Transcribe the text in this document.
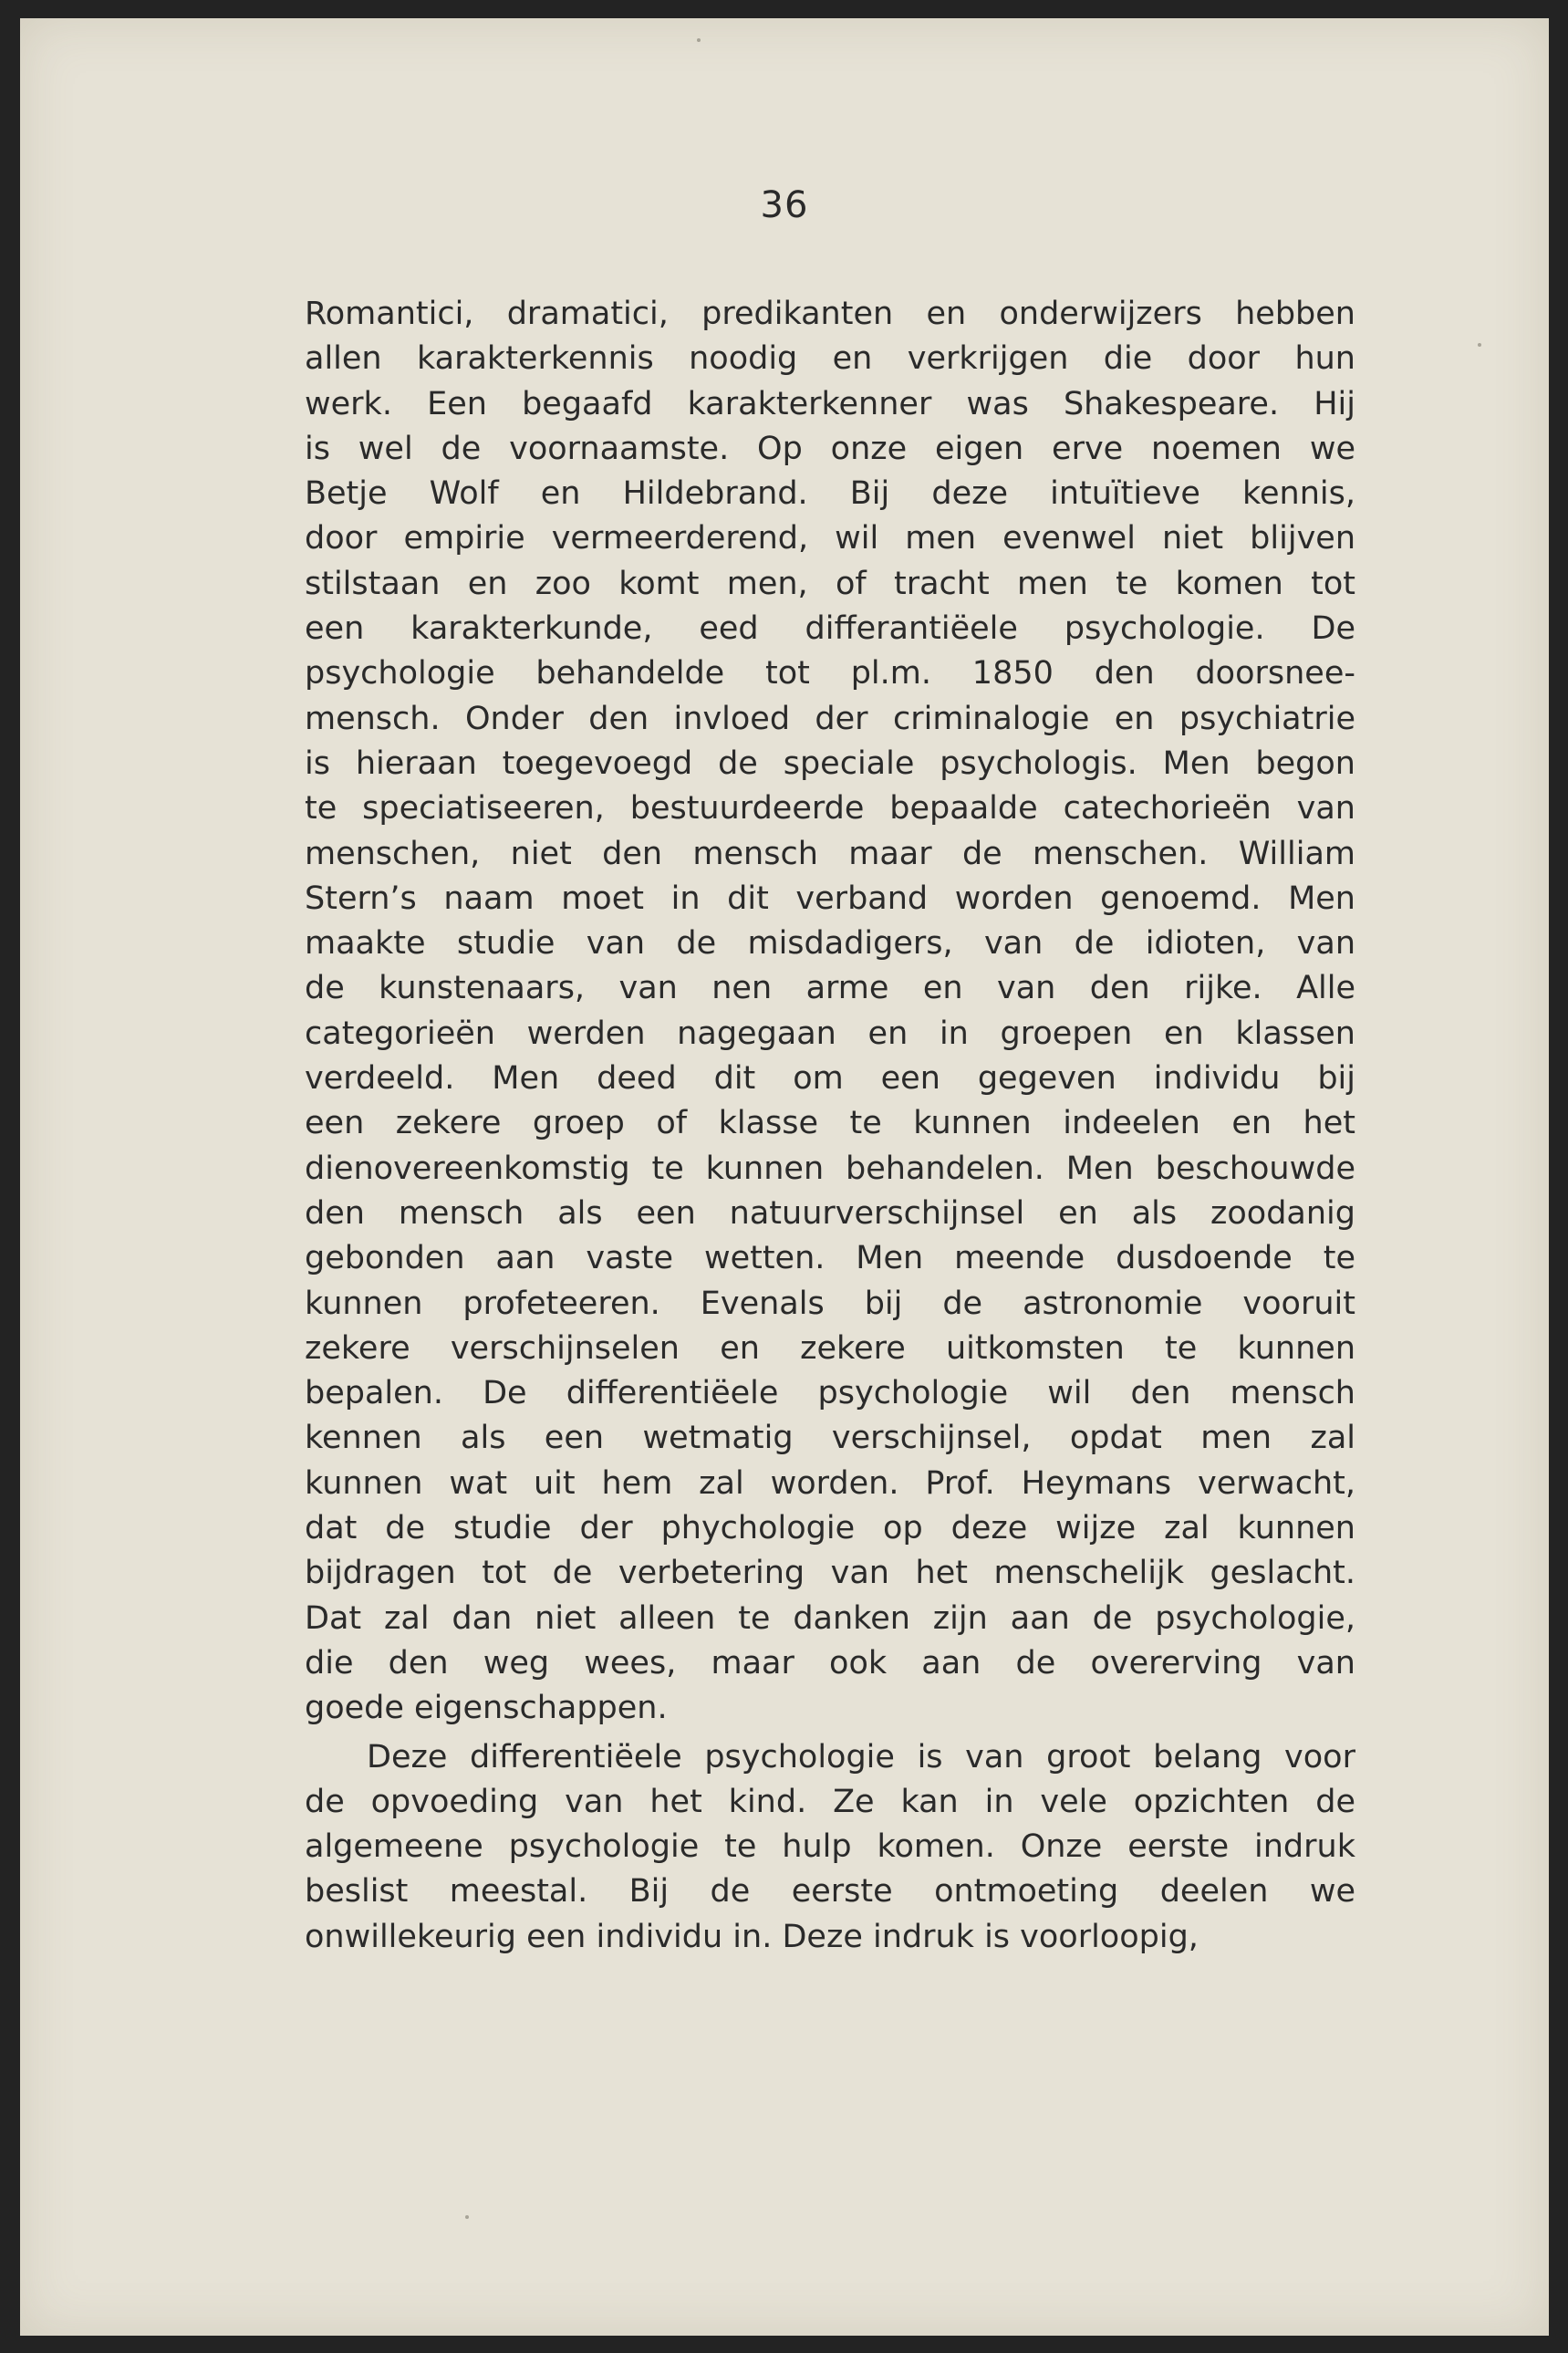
36
Romantici, dramatici, predikanten en onderwijzers hebben
allen karakterkennis noodig en verkrijgen die door hun
werk. Een begaafd karakterkenner was Shakespeare. Hij
is wel de voornaamste. Op onze eigen erve noemen we
Betje Wolf en Hildebrand. Bij deze intuïtieve kennis,
door empirie vermeerderend, wil men evenwel niet blijven
stilstaan en zoo komt men, of tracht men te komen tot
een karakterkunde, eed differantiëele psychologie. De
psychologie behandelde tot pl.m. 1850 den doorsnee-
mensch. Onder den invloed der criminalogie en psychiatrie
is hieraan toegevoegd de speciale psychologis. Men begon
te speciatiseeren, bestuurdeerde bepaalde catechorieën van
menschen, niet den mensch maar de menschen. William
Stern’s naam moet in dit verband worden genoemd. Men
maakte studie van de misdadigers, van de idioten, van
de kunstenaars, van nen arme en van den rijke. Alle
categorieën werden nagegaan en in groepen en klassen
verdeeld. Men deed dit om een gegeven individu bij
een zekere groep of klasse te kunnen indeelen en het
dienovereenkomstig te kunnen behandelen. Men beschouwde
den mensch als een natuurverschijnsel en als zoodanig
gebonden aan vaste wetten. Men meende dusdoende te
kunnen profeteeren. Evenals bij de astronomie vooruit
zekere verschijnselen en zekere uitkomsten te kunnen
bepalen. De differentiëele psychologie wil den mensch
kennen als een wetmatig verschijnsel, opdat men zal
kunnen wat uit hem zal worden. Prof. Heymans verwacht,
dat de studie der phychologie op deze wijze zal kunnen
bijdragen tot de verbetering van het menschelijk geslacht.
Dat zal dan niet alleen te danken zijn aan de psychologie,
die den weg wees, maar ook aan de overerving van
goede eigenschappen.
Deze differentiëele psychologie is van groot belang voor
de opvoeding van het kind. Ze kan in vele opzichten de
algemeene psychologie te hulp komen. Onze eerste indruk
beslist meestal. Bij de eerste ontmoeting deelen we
onwillekeurig een individu in. Deze indruk is voorloopig,
